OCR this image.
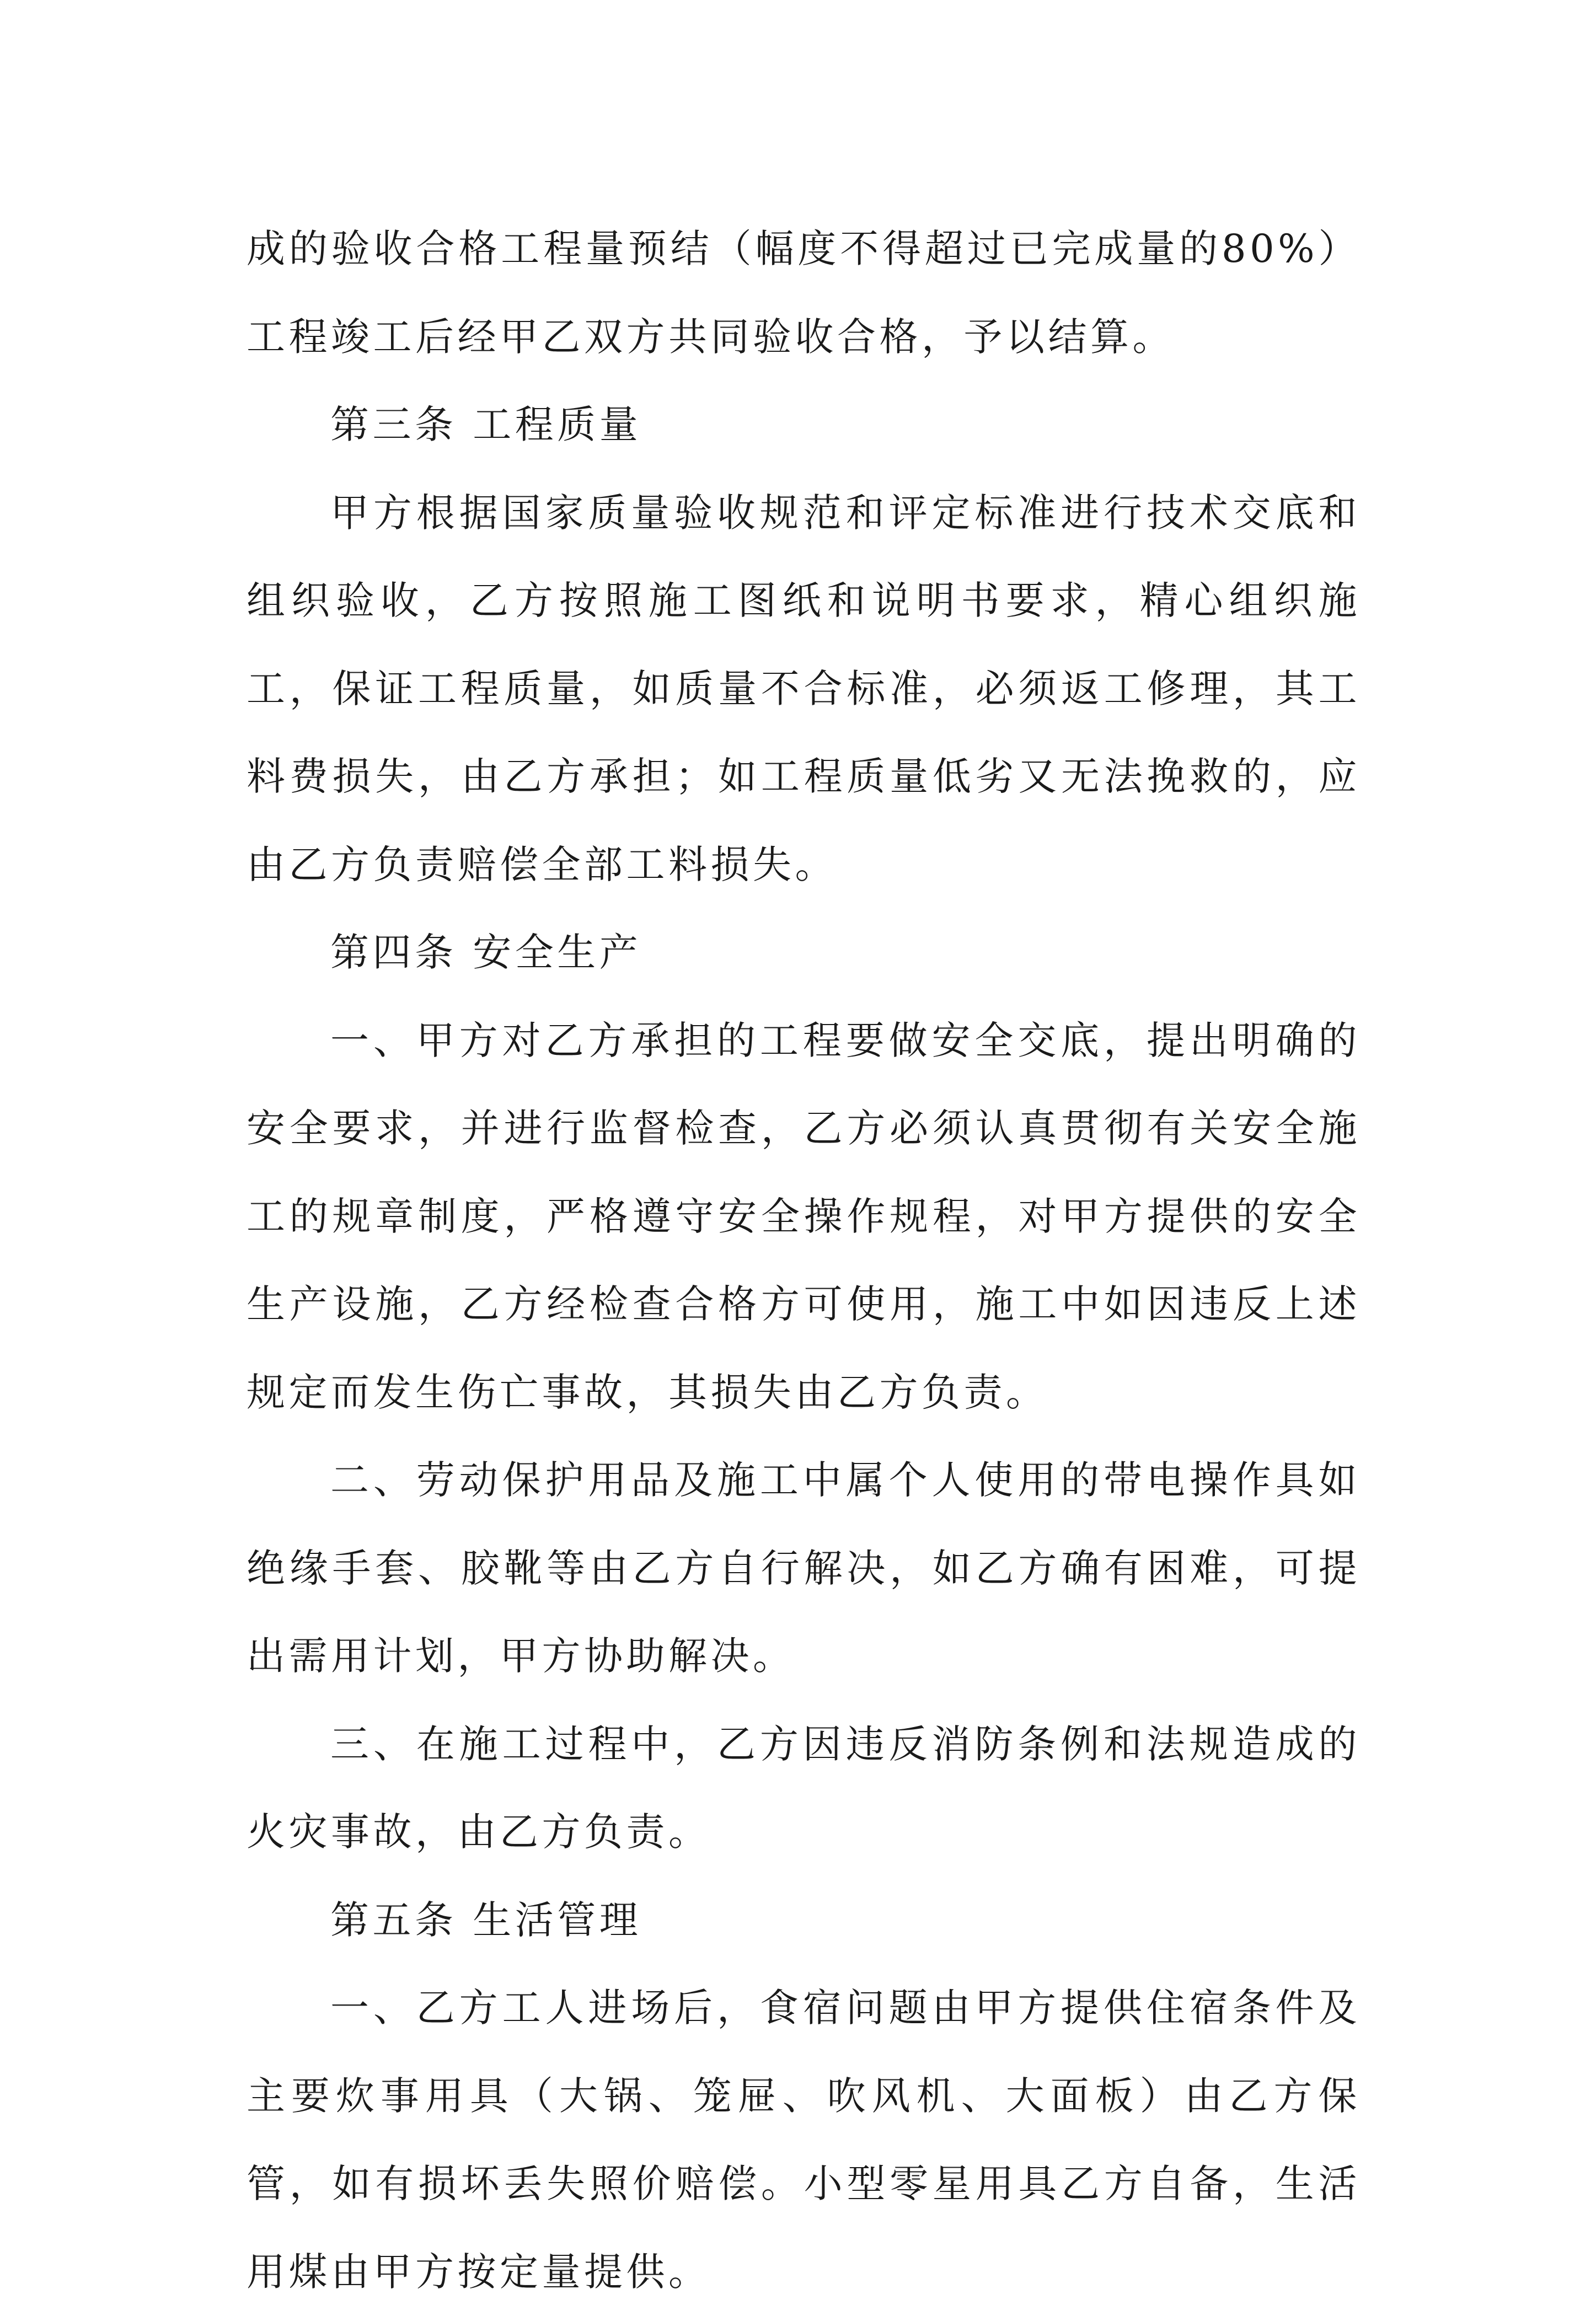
成的验收合格工程量预结（幅度不得超过已完成量的80%）工程竣工后经甲乙双方共同验收合格，予以结算。

第三条 工程质量

甲方根据国家质量验收规范和评定标准进行技术交底和组织验收，乙方按照施工图纸和说明书要求，精心组织施工，保证工程质量，如质量不合标准，必须返工修理，其工料费损失，由乙方承担；如工程质量低劣又无法挽救的，应由乙方负责赔偿全部工料损失。

第四条 安全生产

一、甲方对乙方承担的工程要做安全交底，提出明确的安全要求，并进行监督检查，乙方必须认真贯彻有关安全施工的规章制度，严格遵守安全操作规程，对甲方提供的安全生产设施，乙方经检查合格方可使用，施工中如因违反上述规定而发生伤亡事故，其损失由乙方负责。

二、劳动保护用品及施工中属个人使用的带电操作具如绝缘手套、胶靴等由乙方自行解决，如乙方确有困难，可提出需用计划，甲方协助解决。

三、在施工过程中，乙方因违反消防条例和法规造成的火灾事故，由乙方负责。

第五条 生活管理

一、乙方工人进场后，食宿问题由甲方提供住宿条件及主要炊事用具（大锅、笼屉、吹风机、大面板）由乙方保管，如有损坏丢失照价赔偿。小型零星用具乙方自备，生活用煤由甲方按定量提供。
